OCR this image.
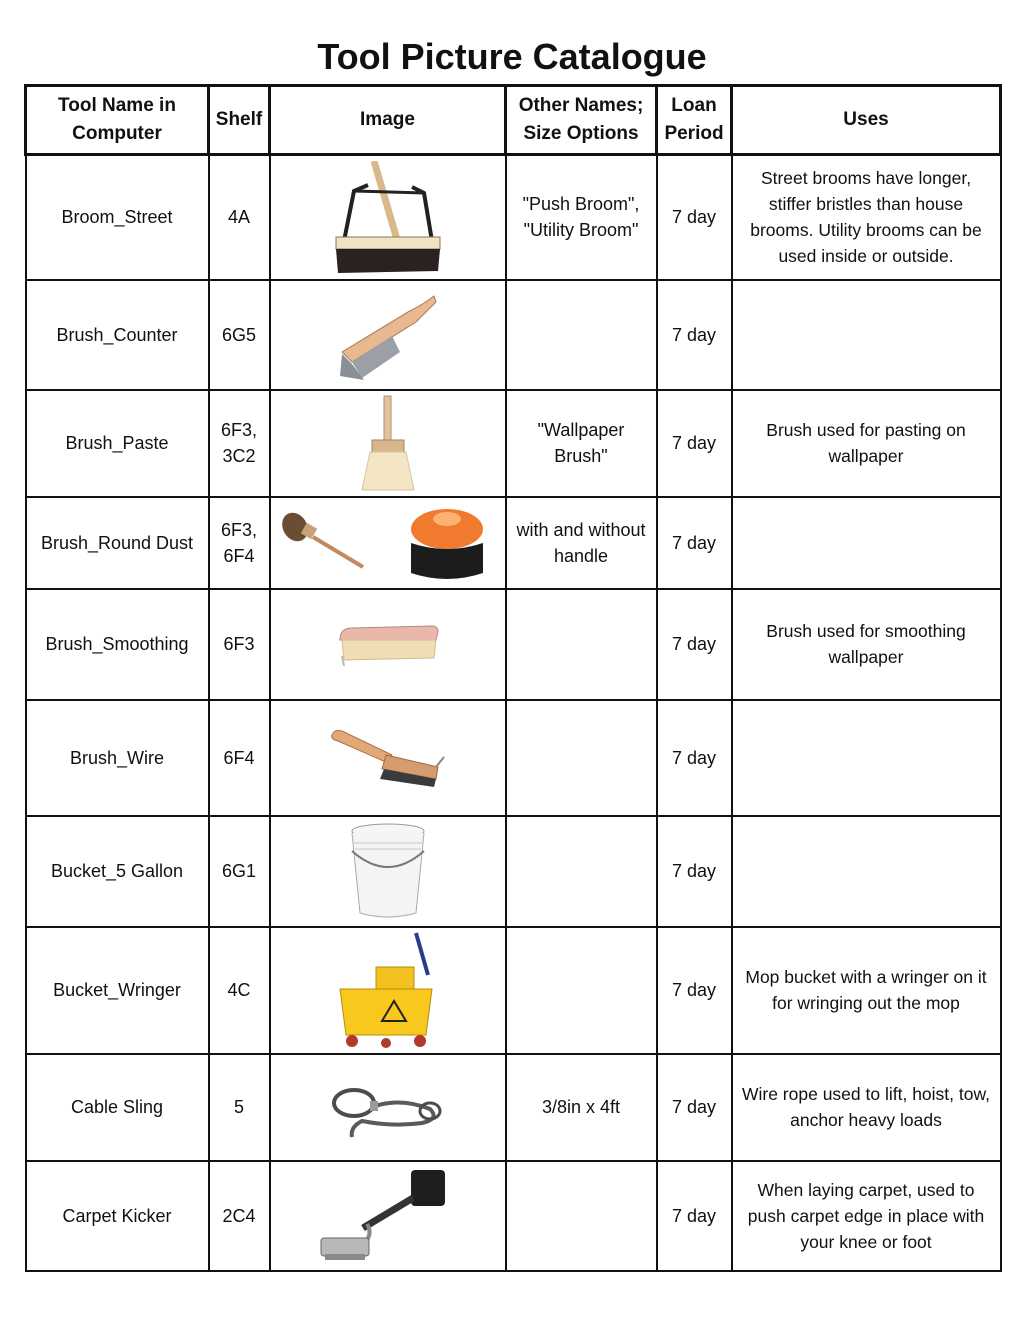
Tool Picture Catalogue
Tool Name in Computer	Shelf	Image	Other Names; Size Options	Loan Period	Uses
Broom_Street	4A		"Push Broom", "Utility Broom"	7 day	Street brooms have longer, stiffer bristles than house brooms. Utility brooms can be used inside or outside.
Brush_Counter	6G5			7 day	
Brush_Paste	6F3, 3C2		"Wallpaper Brush"	7 day	Brush used for pasting on wallpaper
Brush_Round Dust	6F3, 6F4		with and without handle	7 day	
Brush_Smoothing	6F3			7 day	Brush used for smoothing wallpaper
Brush_Wire	6F4			7 day	
Bucket_5 Gallon	6G1			7 day	
Bucket_Wringer	4C			7 day	Mop bucket with a wringer on it for wringing out the mop
Cable Sling	5		3/8in x 4ft	7 day	Wire rope used to lift, hoist, tow, anchor heavy loads
Carpet Kicker	2C4			7 day	When laying carpet, used to push carpet edge in place with your knee or foot
